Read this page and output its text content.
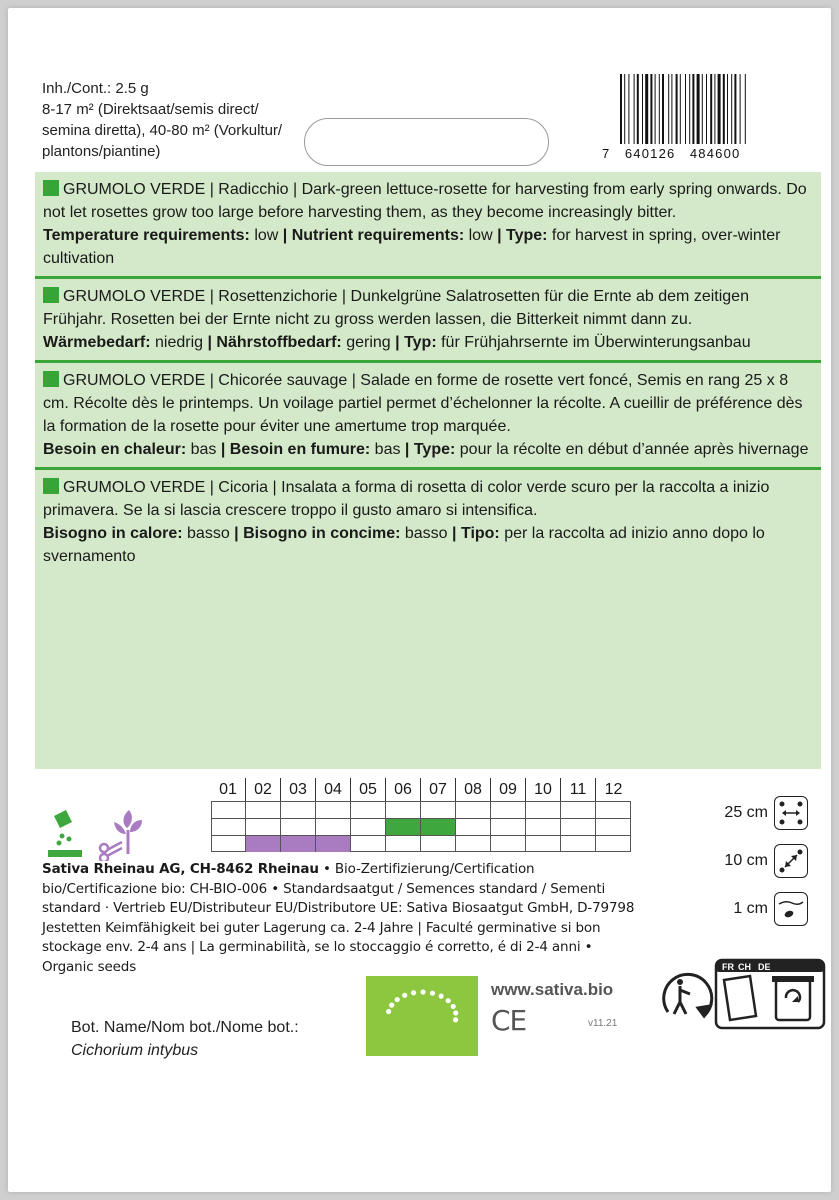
Inh./Cont.: 2.5 g
8-17 m² (Direktsaat/semis direct/
semina diretta), 40-80 m² (Vorkultur/
plantons/piantine)	7   640126   484600
GRUMOLO VERDE | Radicchio | Dark-green lettuce-rosette for harvesting from early spring onwards. Do not let rosettes grow too large before harvesting them, as they become increasingly bitter.
Temperature requirements: low | Nutrient requirements: low | Type: for harvest in spring, over-winter cultivation
GRUMOLO VERDE | Rosettenzichorie | Dunkelgrüne Salatrosetten für die Ernte ab dem zeitigen Frühjahr. Rosetten bei der Ernte nicht zu gross werden lassen, die Bitterkeit nimmt dann zu.
Wärmebedarf: niedrig | Nährstoffbedarf: gering | Typ: für Frühjahrsernte im Überwinterungsanbau
GRUMOLO VERDE | Chicorée sauvage | Salade en forme de rosette vert foncé, Semis en rang 25 x 8 cm. Récolte dès le printemps. Un voilage partiel permet d’échelonner la récolte. A cueillir de préférence dès la formation de la rosette pour éviter une amertume trop marquée.
Besoin en chaleur: bas | Besoin en fumure: bas | Type: pour la récolte en début d’année après hivernage
GRUMOLO VERDE | Cicoria | Insalata a forma di rosetta di color verde scuro per la raccolta a inizio primavera. Se la si lascia crescere troppo il gusto amaro si intensifica.
Bisogno in calore: basso | Bisogno in concime: basso | Tipo: per la raccolta ad inizio anno dopo lo svernamento
01	02	03	04	05	06	07	08	09	10	11	12
25 cm
10 cm
1 cm
Sativa Rheinau AG, CH-8462 Rheinau • Bio-Zertifizierung/Certification bio/Certificazione bio: CH-BIO-006 • Standardsaatgut / Semences standard / Sementi standard · Vertrieb EU/Distributeur EU/Distributore UE: Sativa Biosaatgut GmbH, D-79798 Jestetten Keimfähigkeit bei guter Lagerung ca. 2-4 Jahre | Faculté germinative si bon stockage env. 2-4 ans | La germinabilità, se lo stoccaggio é corretto, é di 2-4 anni • Organic seeds
www.sativa.bio
CE	v11.21
Bot. Name/Nom bot./Nome bot.:
Cichorium intybus
FR CH DE
